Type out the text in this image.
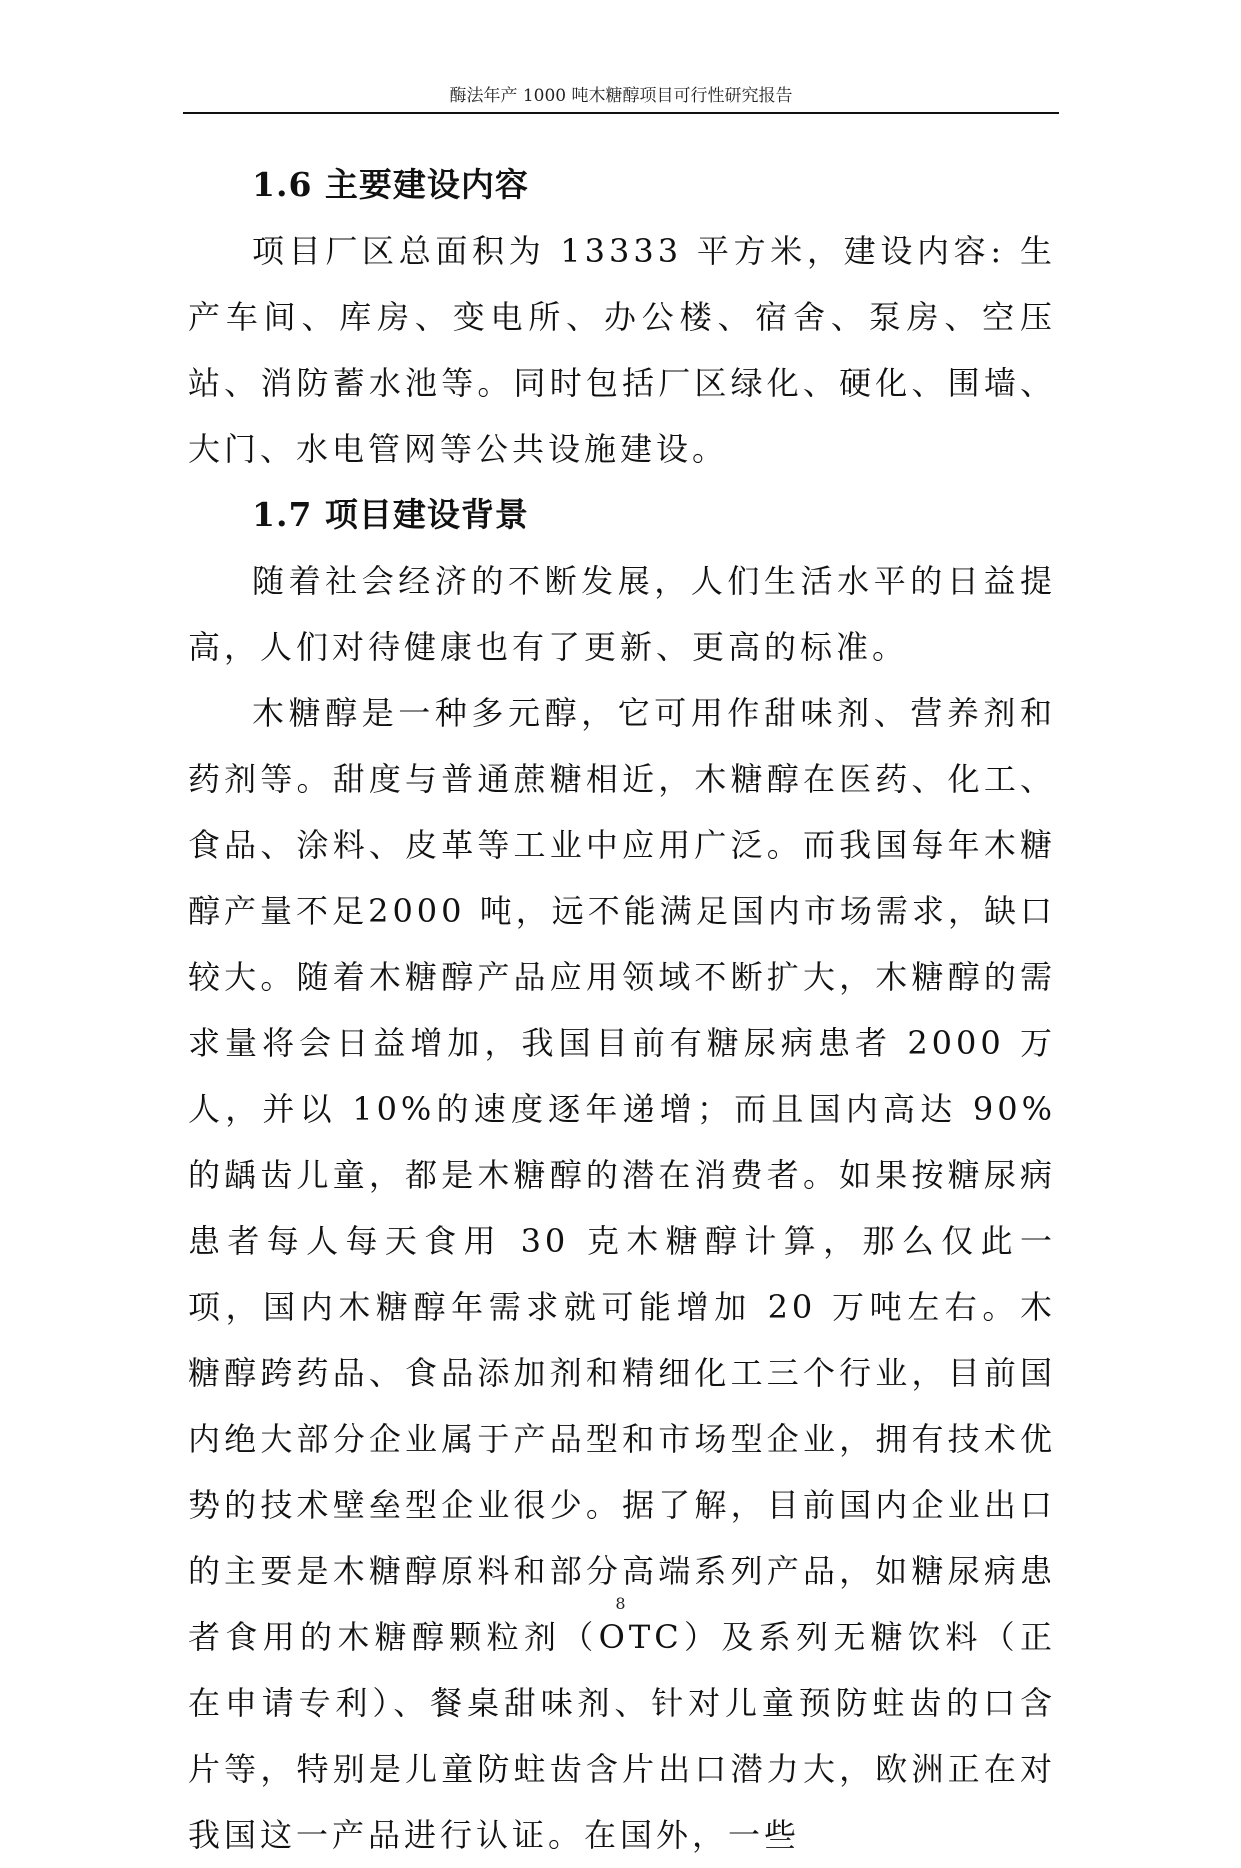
酶法年产 1000 吨木糖醇项目可行性研究报告
1.6 主要建设内容

项目厂区总面积为 13333 平方米，建设内容: 生产车间、库房、变电所、办公楼、宿舍、泵房、空压站、消防蓄水池等。同时包括厂区绿化、硬化、围墙、大门、水电管网等公共设施建设。

1.7 项目建设背景

随着社会经济的不断发展，人们生活水平的日益提高，人们对待健康也有了更新、更高的标准。

木糖醇是一种多元醇，它可用作甜味剂、营养剂和药剂等。甜度与普通蔗糖相近，木糖醇在医药、化工、食品、涂料、皮革等工业中应用广泛。而我国每年木糖醇产量不足2000 吨，远不能满足国内市场需求，缺口较大。随着木糖醇产品应用领域不断扩大，木糖醇的需求量将会日益增加，我国目前有糖尿病患者 2000 万人，并以 10%的速度逐年递增；而且国内高达 90%的龋齿儿童，都是木糖醇的潜在消费者。如果按糖尿病患者每人每天食用 30 克木糖醇计算，那么仅此一项，国内木糖醇年需求就可能增加 20 万吨左右。木糖醇跨药品、食品添加剂和精细化工三个行业，目前国内绝大部分企业属于产品型和市场型企业，拥有技术优势的技术壁垒型企业很少。据了解，目前国内企业出口的主要是木糖醇原料和部分高端系列产品，如糖尿病患者食用的木糖醇颗粒剂（OTC）及系列无糖饮料（正在申请专利）、餐桌甜味剂、针对儿童预防蛀齿的口含片等，特别是儿童防蛀齿含片出口潜力大，欧洲正在对我国这一产品进行认证。在国外，一些

8
